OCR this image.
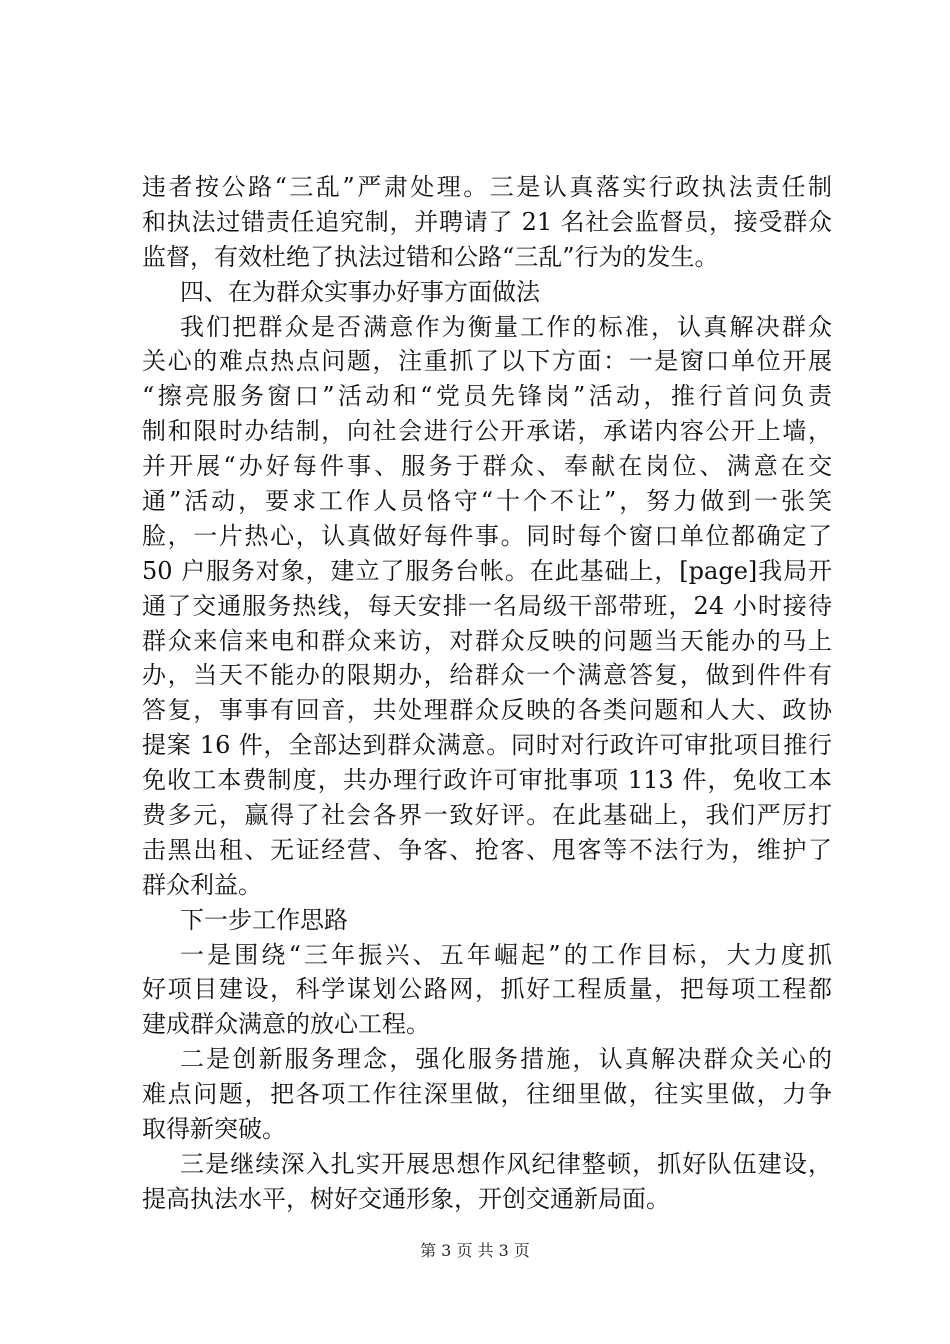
违者按公路“三乱”严肃处理。三是认真落实行政执法责任制
和执法过错责任追究制，并聘请了 21 名社会监督员，接受群众
监督，有效杜绝了执法过错和公路“三乱”行为的发生。
四、在为群众实事办好事方面做法
我们把群众是否满意作为衡量工作的标准，认真解决群众
关心的难点热点问题，注重抓了以下方面：一是窗口单位开展
“擦亮服务窗口”活动和“党员先锋岗”活动，推行首问负责
制和限时办结制，向社会进行公开承诺，承诺内容公开上墙，
并开展“办好每件事、服务于群众、奉献在岗位、满意在交
通”活动，要求工作人员恪守“十个不让”，努力做到一张笑
脸，一片热心，认真做好每件事。同时每个窗口单位都确定了
50 户服务对象，建立了服务台帐。在此基础上，[page]我局开
通了交通服务热线，每天安排一名局级干部带班，24 小时接待
群众来信来电和群众来访，对群众反映的问题当天能办的马上
办，当天不能办的限期办，给群众一个满意答复，做到件件有
答复，事事有回音，共处理群众反映的各类问题和人大、政协
提案 16 件，全部达到群众满意。同时对行政许可审批项目推行
免收工本费制度，共办理行政许可审批事项 113 件，免收工本
费多元，赢得了社会各界一致好评。在此基础上，我们严厉打
击黑出租、无证经营、争客、抢客、甩客等不法行为，维护了
群众利益。
下一步工作思路
一是围绕“三年振兴、五年崛起”的工作目标，大力度抓
好项目建设，科学谋划公路网，抓好工程质量，把每项工程都
建成群众满意的放心工程。
二是创新服务理念，强化服务措施，认真解决群众关心的
难点问题，把各项工作往深里做，往细里做，往实里做，力争
取得新突破。
三是继续深入扎实开展思想作风纪律整顿，抓好队伍建设，
提高执法水平，树好交通形象，开创交通新局面。
第 3 页 共 3 页
